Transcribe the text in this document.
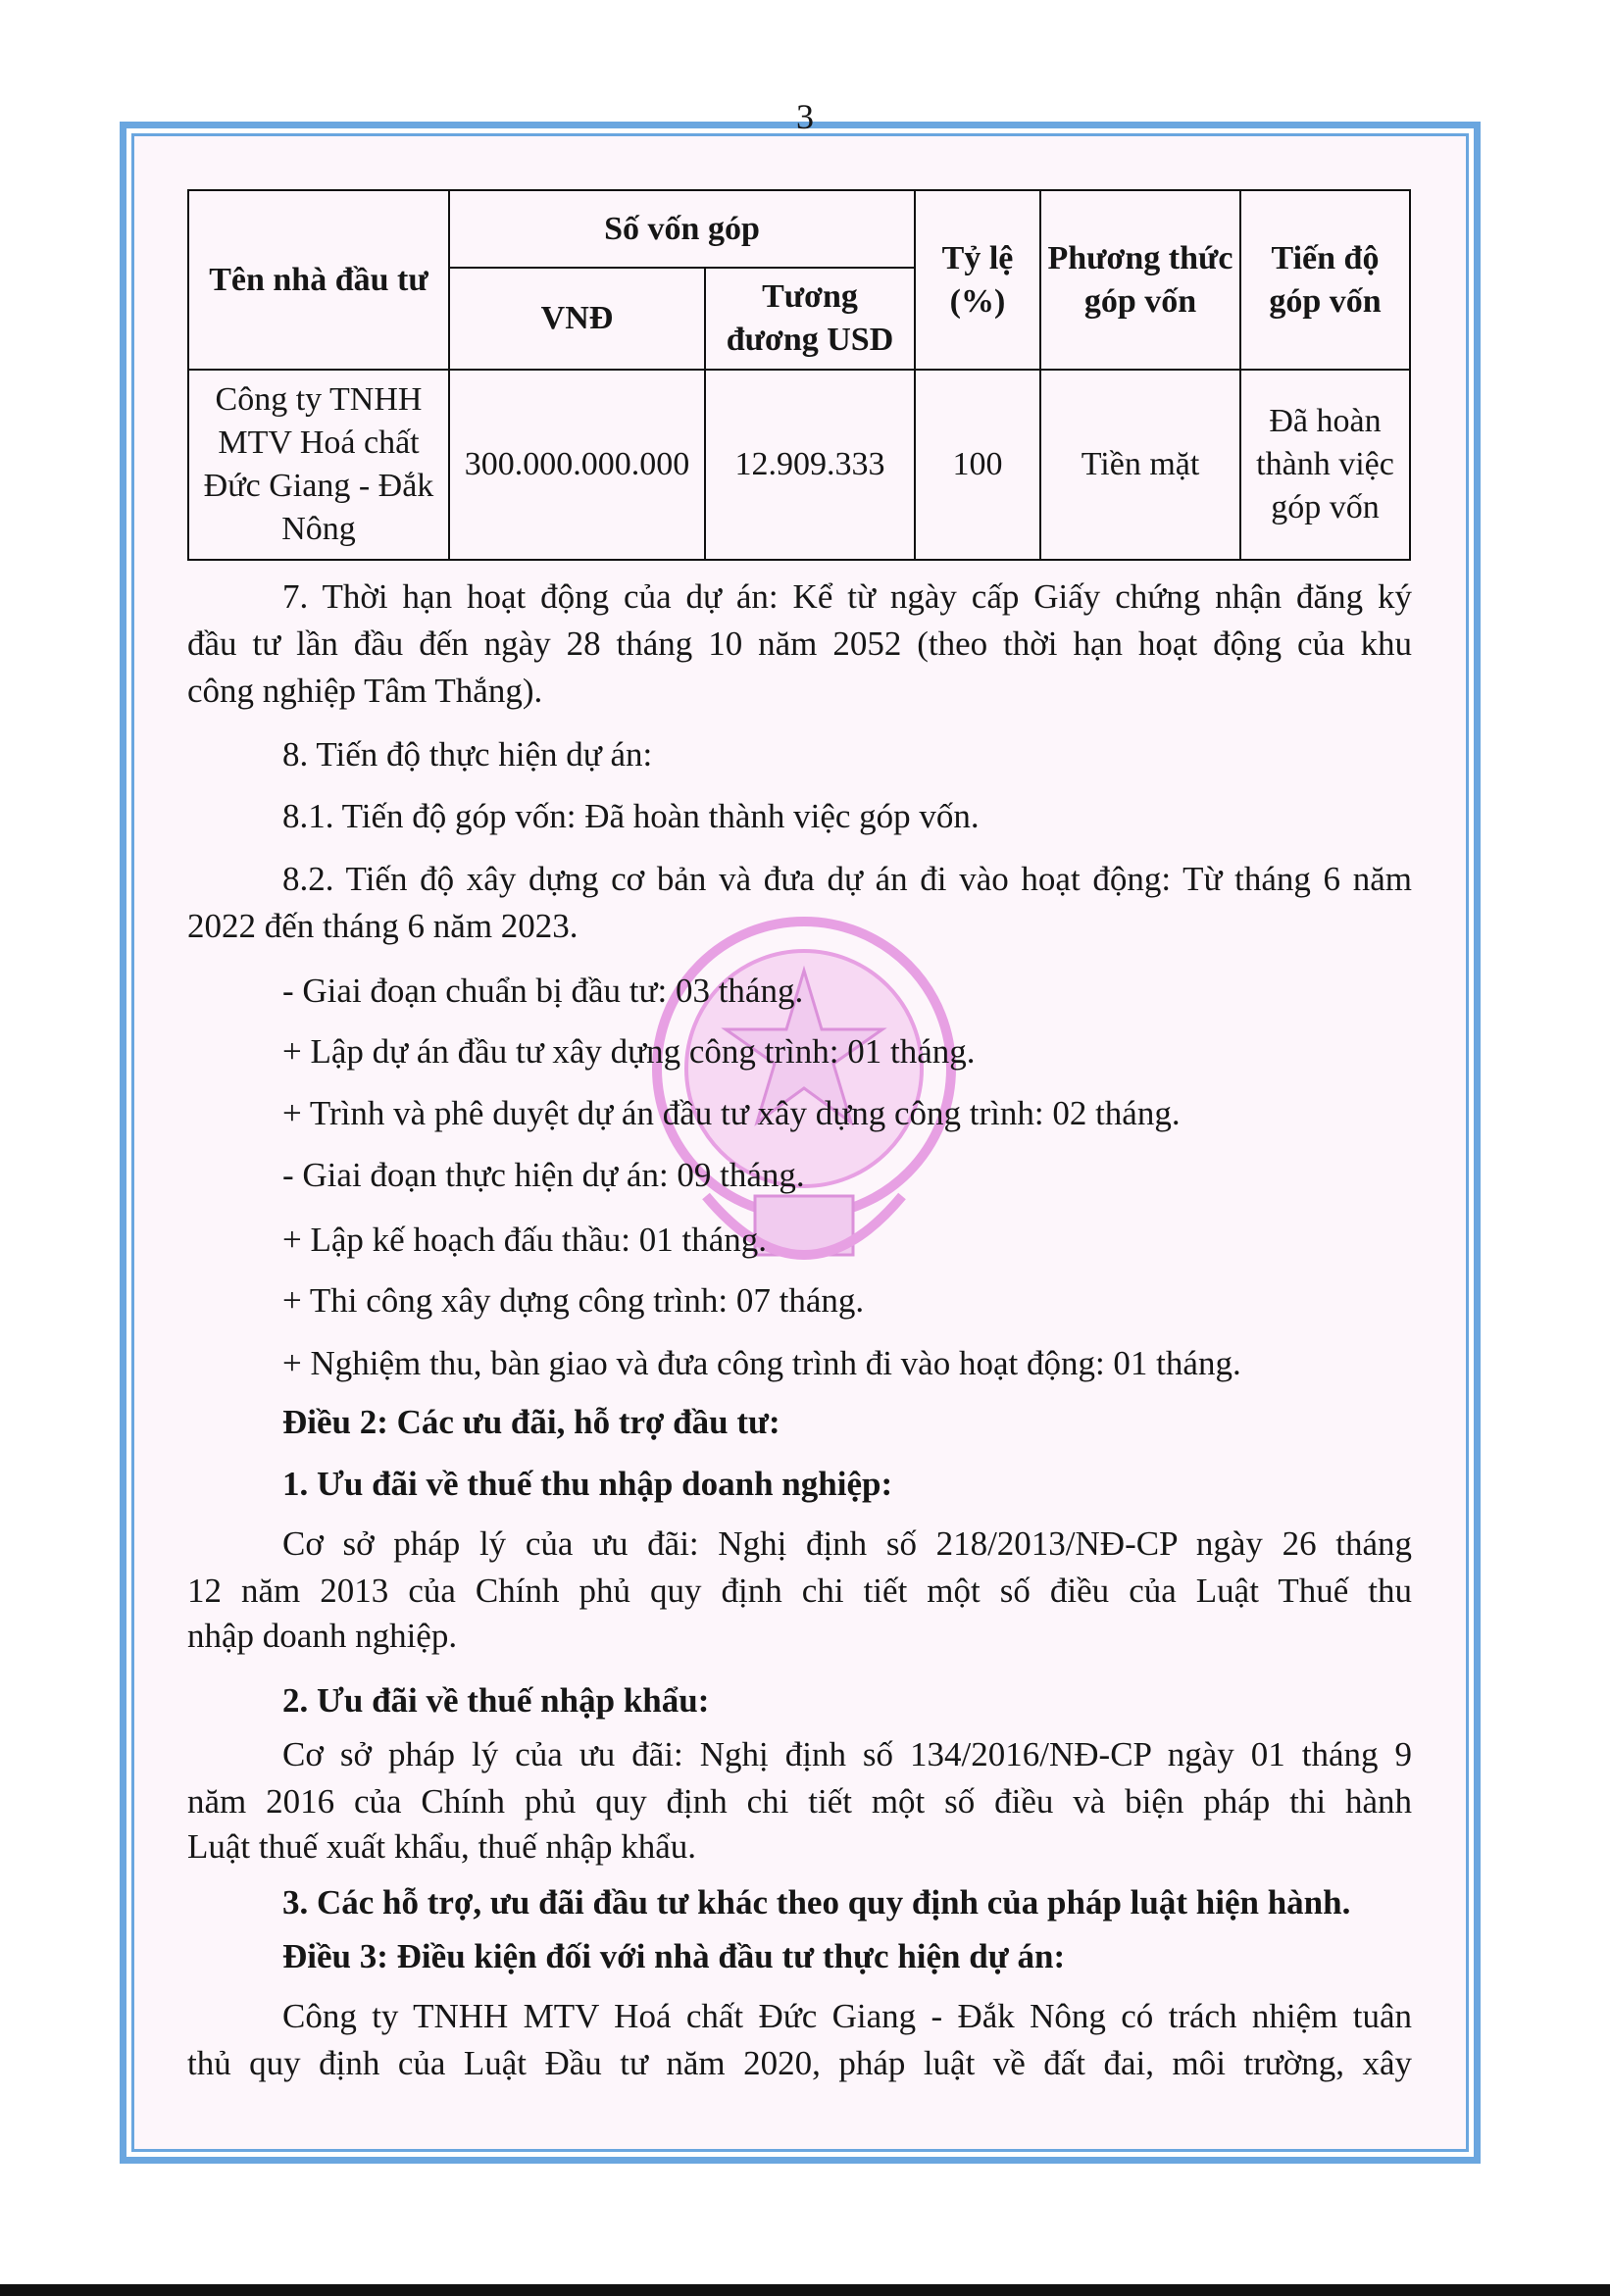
3
Tên nhà đầu tư	Số vốn góp		Tỷ lệ (%)	Phương thức góp vốn	Tiến độ góp vốn
	VNĐ	Tương đương USD			
Công ty TNHH MTV Hoá chất Đức Giang - Đắk Nông	300.000.000.000	12.909.333	100	Tiền mặt	Đã hoàn thành việc góp vốn
7. Thời hạn hoạt động của dự án: Kể từ ngày cấp Giấy chứng nhận đăng ký
đầu tư lần đầu đến ngày 28 tháng 10 năm 2052 (theo thời hạn hoạt động của khu
công nghiệp Tâm Thắng).
8. Tiến độ thực hiện dự án:
8.1. Tiến độ góp vốn: Đã hoàn thành việc góp vốn.
8.2. Tiến độ xây dựng cơ bản và đưa dự án đi vào hoạt động: Từ tháng 6 năm
2022 đến tháng 6 năm 2023.
- Giai đoạn chuẩn bị đầu tư: 03 tháng.
+ Lập dự án đầu tư xây dựng công trình: 01 tháng.
+ Trình và phê duyệt dự án đầu tư xây dựng công trình: 02 tháng.
- Giai đoạn thực hiện dự án: 09 tháng.
+ Lập kế hoạch đấu thầu: 01 tháng.
+ Thi công xây dựng công trình: 07 tháng.
+ Nghiệm thu, bàn giao và đưa công trình đi vào hoạt động: 01 tháng.
Điều 2: Các ưu đãi, hỗ trợ đầu tư:
1. Ưu đãi về thuế thu nhập doanh nghiệp:
Cơ sở pháp lý của ưu đãi: Nghị định số 218/2013/NĐ-CP ngày 26 tháng
12 năm 2013 của Chính phủ quy định chi tiết một số điều của Luật Thuế thu
nhập doanh nghiệp.
2. Ưu đãi về thuế nhập khẩu:
Cơ sở pháp lý của ưu đãi: Nghị định số 134/2016/NĐ-CP ngày 01 tháng 9
năm 2016 của Chính phủ quy định chi tiết một số điều và biện pháp thi hành
Luật thuế xuất khẩu, thuế nhập khẩu.
3. Các hỗ trợ, ưu đãi đầu tư khác theo quy định của pháp luật hiện hành.
Điều 3: Điều kiện đối với nhà đầu tư thực hiện dự án:
Công ty TNHH MTV Hoá chất Đức Giang - Đắk Nông có trách nhiệm tuân
thủ quy định của Luật Đầu tư năm 2020, pháp luật về đất đai, môi trường, xây
